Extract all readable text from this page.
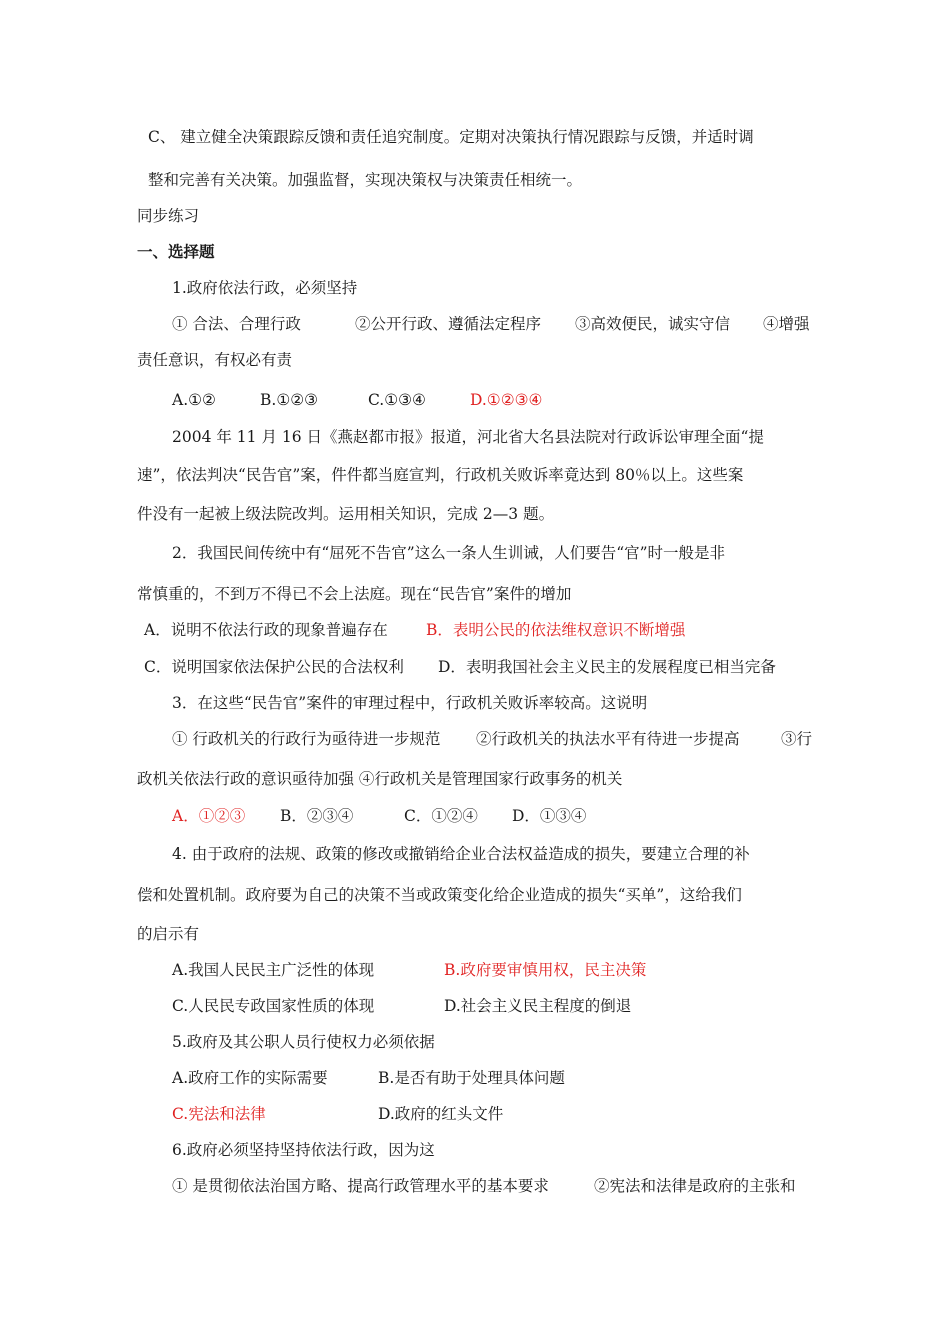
C、 建立健全决策跟踪反馈和责任追究制度。定期对决策执行情况跟踪与反馈，并适时调
整和完善有关决策。加强监督，实现决策权与决策责任相统一。
同步练习
一、选择题
1.政府依法行政，必须坚持
① 合法、合理行政	②公开行政、遵循法定程序 ③高效便民，诚实守信 ④增强
责任意识，有权必有责
A.①②	B.①②③	C.①③④	D.①②③④
2004 年 11 月 16 日《燕赵都市报》报道，河北省大名县法院对行政诉讼审理全面“提
速”，依法判决“民告官”案，件件都当庭宣判，行政机关败诉率竟达到 80％以上。这些案
件没有一起被上级法院改判。运用相关知识，完成 2—3 题。
2．我国民间传统中有“屈死不告官”这么一条人生训诫，人们要告“官”时一般是非
常慎重的，不到万不得已不会上法庭。现在“民告官”案件的增加
A．说明不依法行政的现象普遍存在 B．表明公民的依法维权意识不断增强
C．说明国家依法保护公民的合法权利 D．表明我国社会主义民主的发展程度已相当完备
3．在这些“民告官”案件的审理过程中，行政机关败诉率较高。这说明
① 行政机关的行政行为亟待进一步规范 ②行政机关的执法水平有待进一步提高	③行
政机关依法行政的意识亟待加强 ④行政机关是管理国家行政事务的机关
A．①②③ B．②③④	C．①②④ D．①③④
4. 由于政府的法规、政策的修改或撤销给企业合法权益造成的损失，要建立合理的补
偿和处置机制。政府要为自己的决策不当或政策变化给企业造成的损失“买单”，这给我们
的启示有
A.我国人民民主广泛性的体现	B.政府要审慎用权，民主决策
C.人民民专政国家性质的体现	D.社会主义民主程度的倒退
5.政府及其公职人员行使权力必须依据
A.政府工作的实际需要	B.是否有助于处理具体问题
C.宪法和法律	D.政府的红头文件
6.政府必须坚持坚持依法行政，因为这
① 是贯彻依法治国方略、提高行政管理水平的基本要求	②宪法和法律是政府的主张和
